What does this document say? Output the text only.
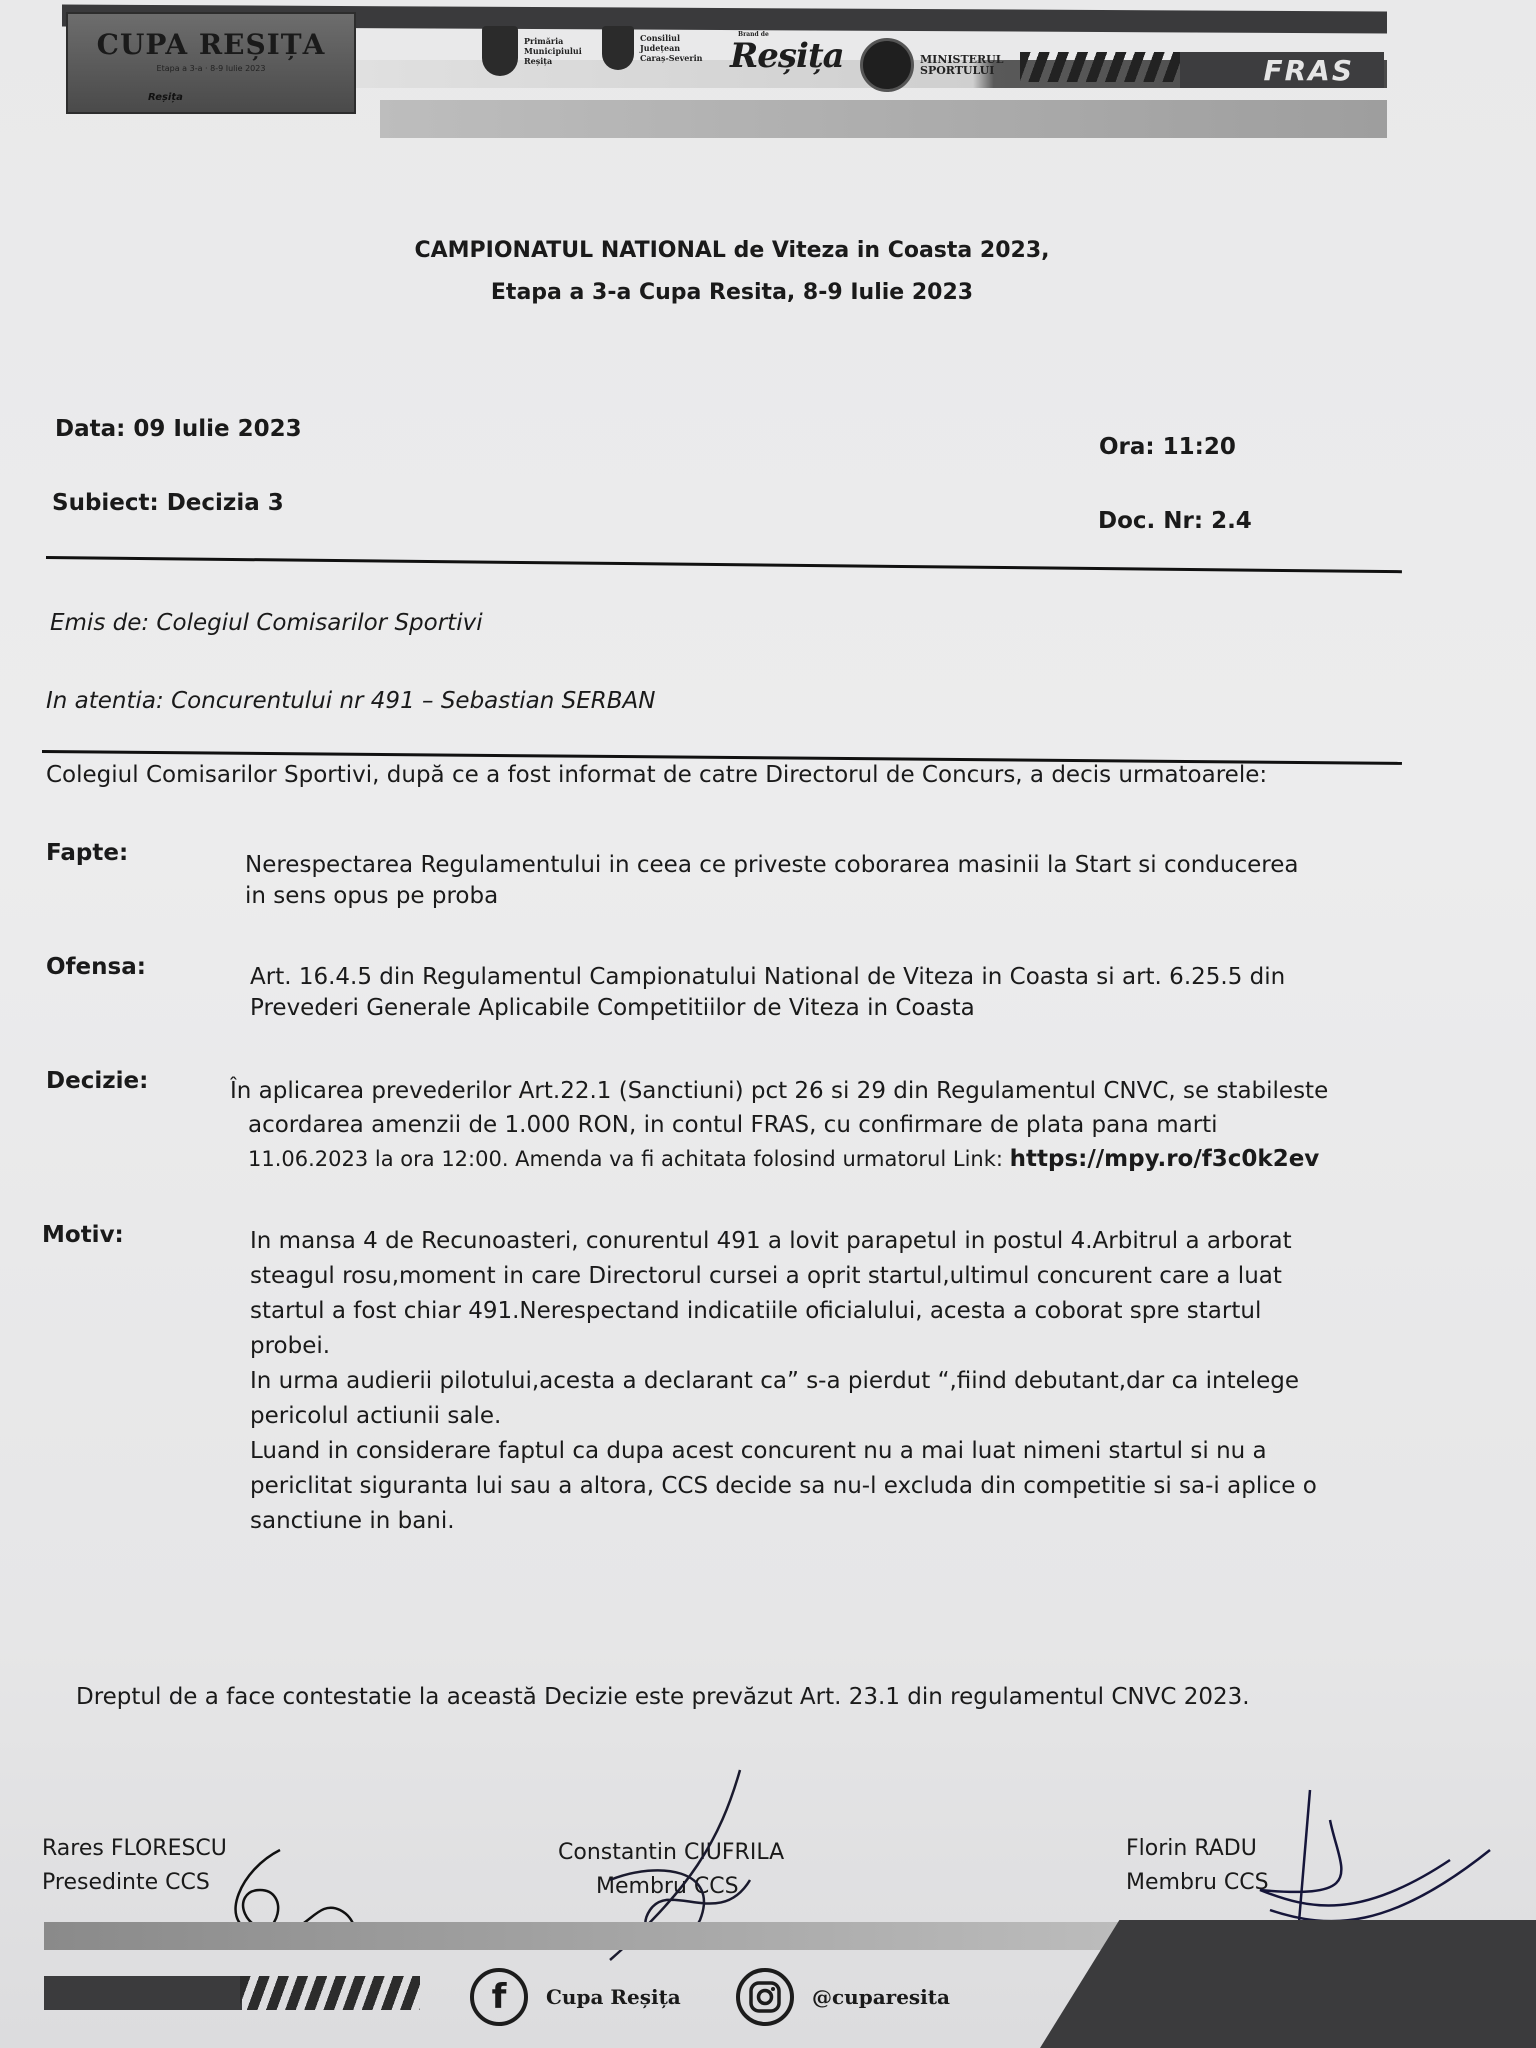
CUPA REȘIȚA
Etapa a 3-a · 8-9 Iulie 2023
Reșița
Primăria
Municipiului
Reșița
Consiliul
Județean
Caraș-Severin
Brand de
Reșița	MINISTERUL
SPORTULUI	FRAS
CAMPIONATUL NATIONAL de Viteza in Coasta 2023,
Etapa a 3-a Cupa Resita, 8-9 Iulie 2023
Data: 09 Iulie 2023
Ora: 11:20
Subiect: Decizia 3
Doc. Nr: 2.4
Emis de: Colegiul Comisarilor Sportivi
In atentia: Concurentului nr 491 – Sebastian SERBAN
Colegiul Comisarilor Sportivi, după ce a fost informat de catre Directorul de Concurs, a decis urmatoarele:
Fapte:	Nerespectarea Regulamentului in ceea ce priveste coborarea masinii la Start si conducerea
in sens opus pe proba
Ofensa:	Art. 16.4.5 din Regulamentul Campionatului National de Viteza in Coasta si art. 6.25.5 din
Prevederi Generale Aplicabile Competitiilor de Viteza in Coasta
Decizie:	În aplicarea prevederilor Art.22.1 (Sanctiuni) pct 26 si 29 din Regulamentul CNVC, se stabileste
acordarea amenzii de 1.000 RON, in contul FRAS, cu confirmare de plata pana marti
11.06.2023 la ora 12:00. Amenda va fi achitata folosind urmatorul Link: https://mpy.ro/f3c0k2ev
Motiv:	In mansa 4 de Recunoasteri, conurentul 491 a lovit parapetul in postul 4.Arbitrul a arborat
steagul rosu,moment in care Directorul cursei a oprit startul,ultimul concurent care a luat
startul a fost chiar 491.Nerespectand indicatiile oficialului, acesta a coborat spre startul
probei.
In urma audierii pilotului,acesta a declarant ca” s-a pierdut “,fiind debutant,dar ca intelege
pericolul actiunii sale.
Luand in considerare faptul ca dupa acest concurent nu a mai luat nimeni startul si nu a
periclitat siguranta lui sau a altora, CCS decide sa nu-l excluda din competitie si sa-i aplice o
sanctiune in bani.
Dreptul de a face contestatie la această Decizie este prevăzut Art. 23.1 din regulamentul CNVC 2023.
Rares FLORESCU
Presedinte CCS
Constantin CIUFRILA
Membru CCS
Florin RADU
Membru CCS
f	Cupa Reșița	@cuparesita
